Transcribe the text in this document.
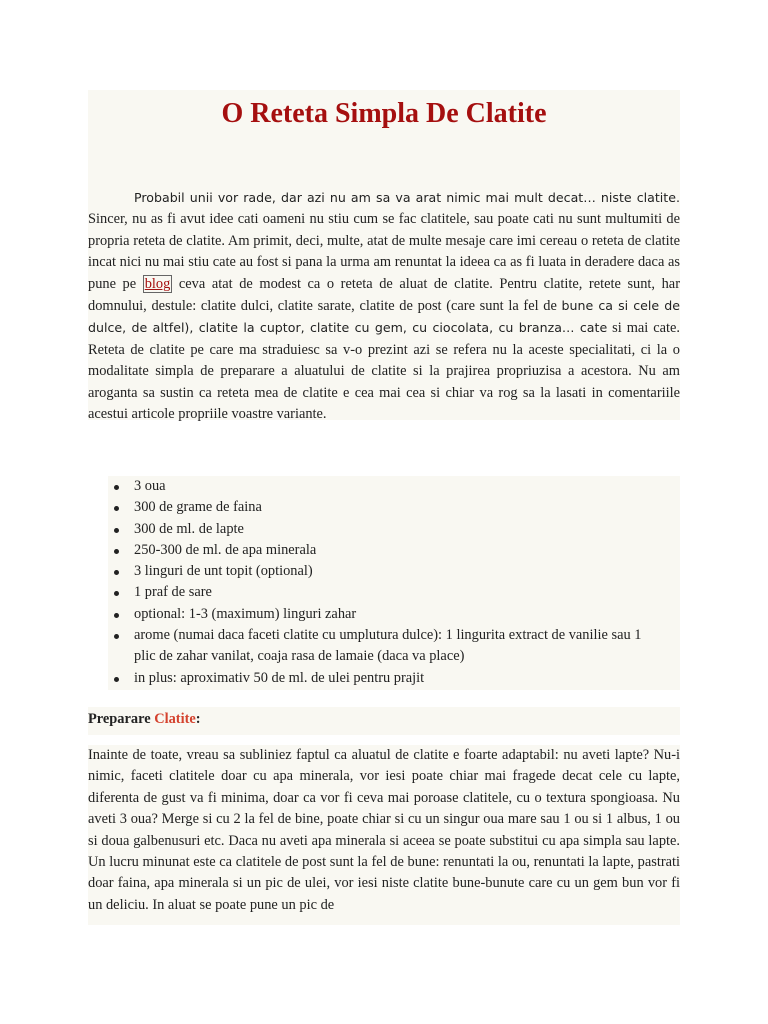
O Reteta Simpla De Clatite

Probabil unii vor rade, dar azi nu am sa va arat nimic mai mult decat… niste clatite. Sincer, nu as fi avut idee cati oameni nu stiu cum se fac clatitele, sau poate cati nu sunt multumiti de propria reteta de clatite. Am primit, deci, multe, atat de multe mesaje care imi cereau o reteta de clatite incat nici nu mai stiu cate au fost si pana la urma am renuntat la ideea ca as fi luata in deradere daca as pune pe blog ceva atat de modest ca o reteta de aluat de clatite. Pentru clatite, retete sunt, har domnului, destule: clatite dulci, clatite sarate, clatite de post (care sunt la fel de bune ca si cele de dulce, de altfel), clatite la cuptor, clatite cu gem, cu ciocolata, cu branza… cate si mai cate. Reteta de clatite pe care ma straduiesc sa v-o prezint azi se refera nu la aceste specialitati, ci la o modalitate simpla de preparare a aluatului de clatite si la prajirea propriuzisa a acestora. Nu am aroganta sa sustin ca reteta mea de clatite e cea mai cea si chiar va rog sa la lasati in comentariile acestui articole propriile voastre variante.

3 oua
300 de grame de faina
300 de ml. de lapte
250-300 de ml. de apa minerala
3 linguri de unt topit (optional)
1 praf de sare
optional: 1-3 (maximum) linguri zahar
arome (numai daca faceti clatite cu umplutura dulce): 1 lingurita extract de vanilie sau 1 plic de zahar vanilat, coaja rasa de lamaie (daca va place)
in plus: aproximativ 50 de ml. de ulei pentru prajit

Preparare Clatite:

Inainte de toate, vreau sa subliniez faptul ca aluatul de clatite e foarte adaptabil: nu aveti lapte? Nu-i nimic, faceti clatitele doar cu apa minerala, vor iesi poate chiar mai fragede decat cele cu lapte, diferenta de gust va fi minima, doar ca vor fi ceva mai poroase clatitele, cu o textura spongioasa. Nu aveti 3 oua? Merge si cu 2 la fel de bine, poate chiar si cu un singur oua mare sau 1 ou si 1 albus, 1 ou si doua galbenusuri etc. Daca nu aveti apa minerala si aceea se poate substitui cu apa simpla sau lapte. Un lucru minunat este ca clatitele de post sunt la fel de bune: renuntati la ou, renuntati la lapte, pastrati doar faina, apa minerala si un pic de ulei, vor iesi niste clatite bune-bunute care cu un gem bun vor fi un deliciu. In aluat se poate pune un pic de
